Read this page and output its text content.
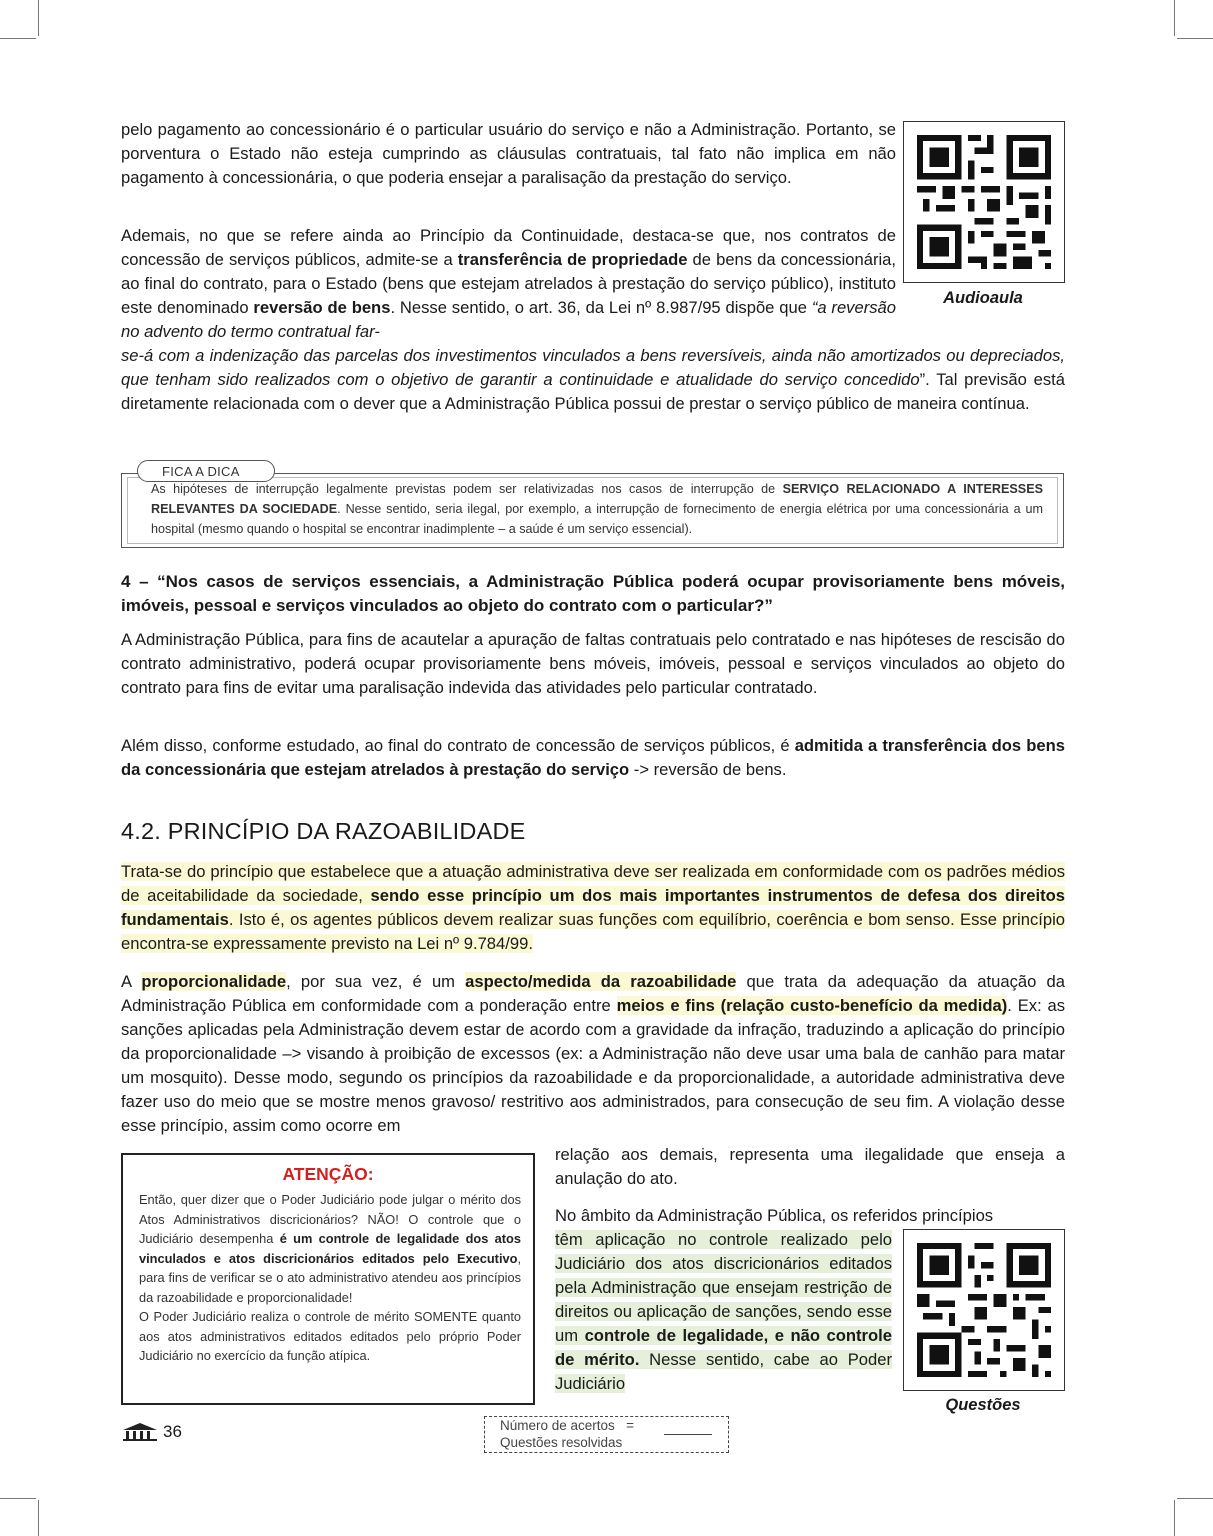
Audioaula

pelo pagamento ao concessionário é o particular usuário do serviço e não a Administração. Portanto, se porventura o Estado não esteja cumprindo as cláusulas contratuais, tal fato não implica em não pagamento à concessionária, o que poderia ensejar a paralisação da prestação do serviço.

Ademais, no que se refere ainda ao Princípio da Continuidade, destaca-se que, nos contratos de concessão de serviços públicos, admite-se a transferência de propriedade de bens da concessionária, ao final do contrato, para o Estado (bens que estejam atrelados à prestação do serviço público), instituto este denominado reversão de bens. Nesse sentido, o art. 36, da Lei nº 8.987/95 dispõe que “a reversão no advento do termo contratual far-

se-á com a indenização das parcelas dos investimentos vinculados a bens reversíveis, ainda não amortizados ou depreciados, que tenham sido realizados com o objetivo de garantir a continuidade e atualidade do serviço concedido”. Tal previsão está diretamente relacionada com o dever que a Administração Pública possui de prestar o serviço público de maneira contínua.

FICA A DICA
As hipóteses de interrupção legalmente previstas podem ser relativizadas nos casos de interrupção de SERVIÇO RELACIONADO A INTERESSES RELEVANTES DA SOCIEDADE. Nesse sentido, seria ilegal, por exemplo, a interrupção de fornecimento de energia elétrica por uma concessionária a um hospital (mesmo quando o hospital se encontrar inadimplente – a saúde é um serviço essencial).

4 – “Nos casos de serviços essenciais, a Administração Pública poderá ocupar provisoriamente bens móveis, imóveis, pessoal e serviços vinculados ao objeto do contrato com o particular?”

A Administração Pública, para fins de acautelar a apuração de faltas contratuais pelo contratado e nas hipóteses de rescisão do contrato administrativo, poderá ocupar provisoriamente bens móveis, imóveis, pessoal e serviços vinculados ao objeto do contrato para fins de evitar uma paralisação indevida das atividades pelo particular contratado.

Além disso, conforme estudado, ao final do contrato de concessão de serviços públicos, é admitida a transferência dos bens da concessionária que estejam atrelados à prestação do serviço -> reversão de bens.

4.2. PRINCÍPIO DA RAZOABILIDADE

Trata-se do princípio que estabelece que a atuação administrativa deve ser realizada em conformidade com os padrões médios de aceitabilidade da sociedade, sendo esse princípio um dos mais importantes instrumentos de defesa dos direitos fundamentais. Isto é, os agentes públicos devem realizar suas funções com equilíbrio, coerência e bom senso. Esse princípio encontra-se expressamente previsto na Lei nº 9.784/99.

A proporcionalidade, por sua vez, é um aspecto/medida da razoabilidade que trata da adequação da atuação da Administração Pública em conformidade com a ponderação entre meios e fins (relação custo-benefício da medida). Ex: as sanções aplicadas pela Administração devem estar de acordo com a gravidade da infração, traduzindo a aplicação do princípio da proporcionalidade –> visando à proibição de excessos (ex: a Administração não deve usar uma bala de canhão para matar um mosquito). Desse modo, segundo os princípios da razoabilidade e da proporcionalidade, a autoridade administrativa deve fazer uso do meio que se mostre menos gravoso/ restritivo aos administrados, para consecução de seu fim. A violação desse esse princípio, assim como ocorre em

relação aos demais, representa uma ilegalidade que enseja a anulação do ato.

No âmbito da Administração Pública, os referidos princípios

têm aplicação no controle realizado pelo Judiciário dos atos discricionários editados pela Administração que ensejam restrição de direitos ou aplicação de sanções, sendo esse um controle de legalidade, e não controle de mérito. Nesse sentido, cabe ao Poder Judiciário

Questões
ATENÇÃO:
Então, quer dizer que o Poder Judiciário pode julgar o mérito dos Atos Administrativos discricionários? NÃO! O controle que o Judiciário desempenha é um controle de legalidade dos atos vinculados e atos discricionários editados pelo Executivo, para fins de verificar se o ato administrativo atendeu aos princípios da razoabilidade e proporcionalidade!
O Poder Judiciário realiza o controle de mérito SOMENTE quanto aos atos administrativos editados editados pelo próprio Poder Judiciário no exercício da função atípica.
36	Número de acertos =
Questões resolvidas
